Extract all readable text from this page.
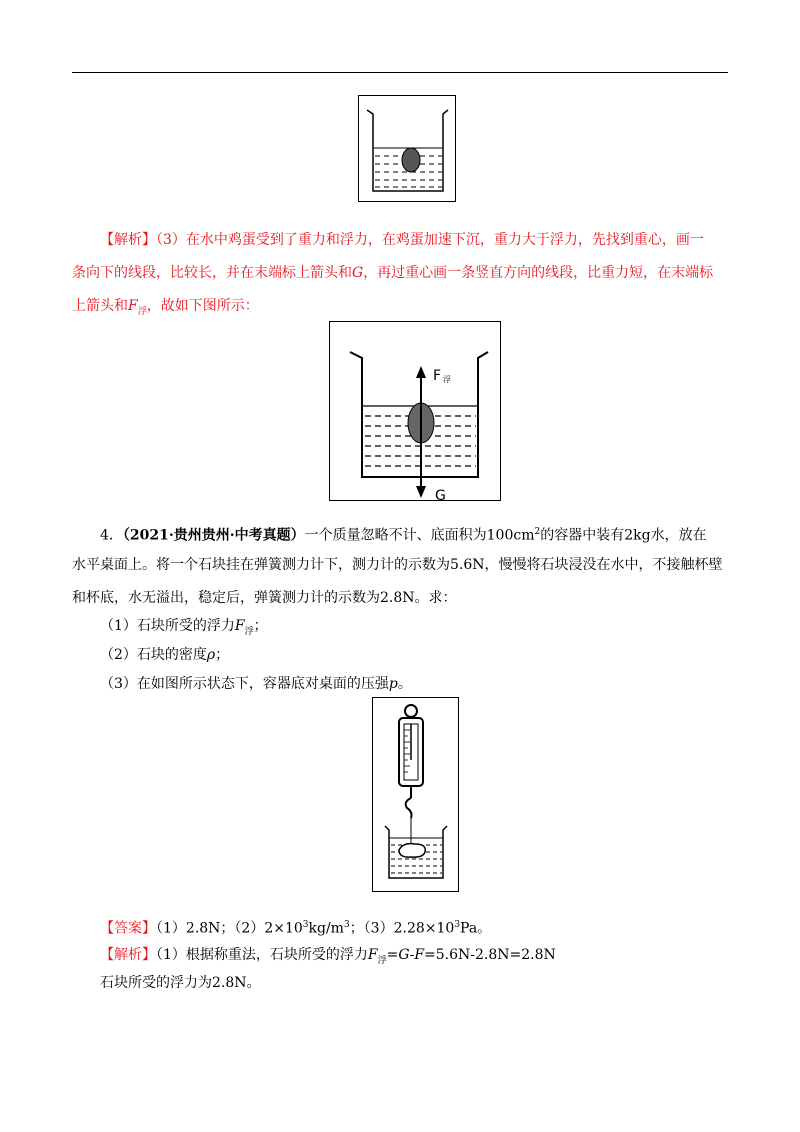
【解析】（3）在水中鸡蛋受到了重力和浮力，在鸡蛋加速下沉，重力大于浮力，先找到重心，画一
条向下的线段，比较长，并在末端标上箭头和G，再过重心画一条竖直方向的线段，比重力短，在末端标
上箭头和$F_浮$，故如下图所示：
F 浮
G
4．（2021·贵州贵州·中考真题）一个质量忽略不计、底面积为$100cm^2$的容器中装有2kg水，放在
水平桌面上。将一个石块挂在弹簧测力计下，测力计的示数为5.6N，慢慢将石块浸没在水中，不接触杯壁
和杯底，水无溢出，稳定后，弹簧测力计的示数为2.8N。求：
（1）石块所受的浮力$F_浮$；
（2）石块的密度ρ；
（3）在如图所示状态下，容器底对桌面的压强p。
【答案】（1）2.8N；$(2)2\times 10^3kg/m^3$；$(3)2.28\times 10^3Pa$。
【解析】（1）根据称重法，石块所受的浮力$F_浮=G-F=5.6N-2.8N=2.8N$
石块所受的浮力为2.8N。
